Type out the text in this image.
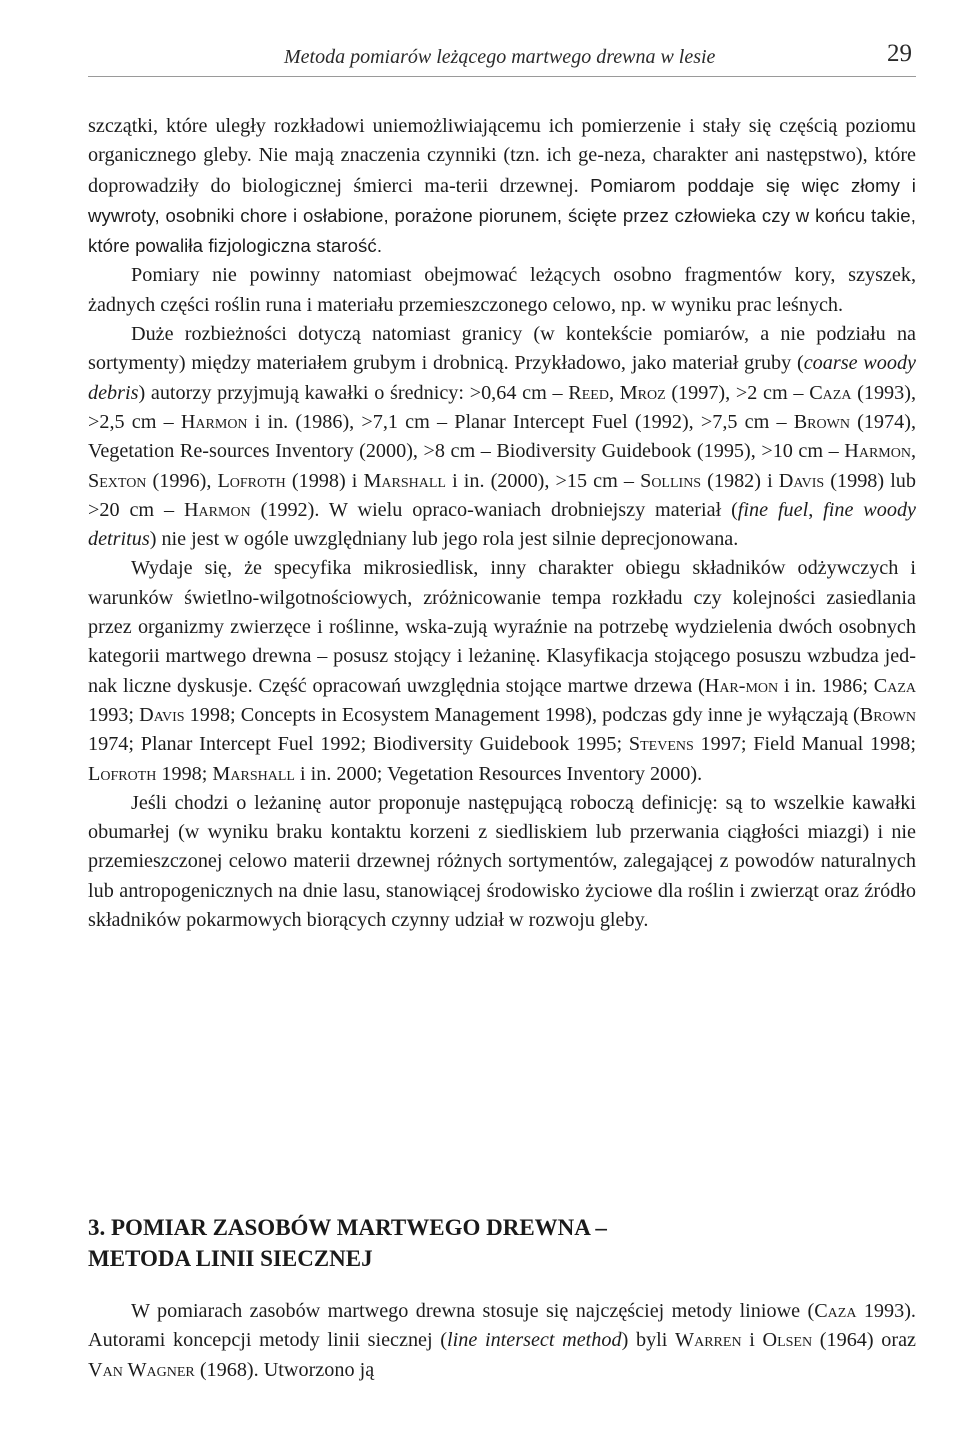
Metoda pomiarów leżącego martwego drewna w lesie	29

szczątki, które uległy rozkładowi uniemożliwiającemu ich pomierzenie i stały się częścią poziomu organicznego gleby. Nie mają znaczenia czynniki (tzn. ich ge-neza, charakter ani następstwo), które doprowadziły do biologicznej śmierci ma-terii drzewnej. Pomiarom poddaje się więc złomy i wywroty, osobniki chore i osłabione, porażone piorunem, ścięte przez człowieka czy w końcu takie, które powaliła fizjologiczna starość.

Pomiary nie powinny natomiast obejmować leżących osobno fragmentów kory, szyszek, żadnych części roślin runa i materiału przemieszczonego celowo, np. w wyniku prac leśnych.

Duże rozbieżności dotyczą natomiast granicy (w kontekście pomiarów, a nie podziału na sortymenty) między materiałem grubym i drobnicą. Przykładowo, jako materiał gruby (coarse woody debris) autorzy przyjmują kawałki o średnicy: >0,64 cm – Reed, Mroz (1997), >2 cm – Caza (1993), >2,5 cm – Harmon i in. (1986), >7,1 cm – Planar Intercept Fuel (1992), >7,5 cm – Brown (1974), Vegetation Re-sources Inventory (2000), >8 cm – Biodiversity Guidebook (1995), >10 cm – Harmon, Sexton (1996), Lofroth (1998) i Marshall i in. (2000), >15 cm – Sollins (1982) i Davis (1998) lub >20 cm – Harmon (1992). W wielu opraco-waniach drobniejszy materiał (fine fuel, fine woody detritus) nie jest w ogóle uwzględniany lub jego rola jest silnie deprecjonowana.

Wydaje się, że specyfika mikrosiedlisk, inny charakter obiegu składników odżywczych i warunków świetlno-wilgotnościowych, zróżnicowanie tempa rozkładu czy kolejności zasiedlania przez organizmy zwierzęce i roślinne, wska-zują wyraźnie na potrzebę wydzielenia dwóch osobnych kategorii martwego drewna – posusz stojący i leżaninę. Klasyfikacja stojącego posuszu wzbudza jed-nak liczne dyskusje. Część opracowań uwzględnia stojące martwe drzewa (Har-mon i in. 1986; Caza 1993; Davis 1998; Concepts in Ecosystem Management 1998), podczas gdy inne je wyłączają (Brown 1974; Planar Intercept Fuel 1992; Biodiversity Guidebook 1995; Stevens 1997; Field Manual 1998; Lofroth 1998; Marshall i in. 2000; Vegetation Resources Inventory 2000).

Jeśli chodzi o leżaninę autor proponuje następującą roboczą definicję: są to wszelkie kawałki obumarłej (w wyniku braku kontaktu korzeni z siedliskiem lub przerwania ciągłości miazgi) i nie przemieszczonej celowo materii drzewnej różnych sortymentów, zalegającej z powodów naturalnych lub antropogenicznych na dnie lasu, stanowiącej środowisko życiowe dla roślin i zwierząt oraz źródło składników pokarmowych biorących czynny udział w rozwoju gleby.

3. POMIAR ZASOBÓW MARTWEGO DREWNA –
METODA LINII SIECZNEJ

W pomiarach zasobów martwego drewna stosuje się najczęściej metody liniowe (Caza 1993). Autorami koncepcji metody linii siecznej (line intersect method) byli Warren i Olsen (1964) oraz Van Wagner (1968). Utworzono ją
